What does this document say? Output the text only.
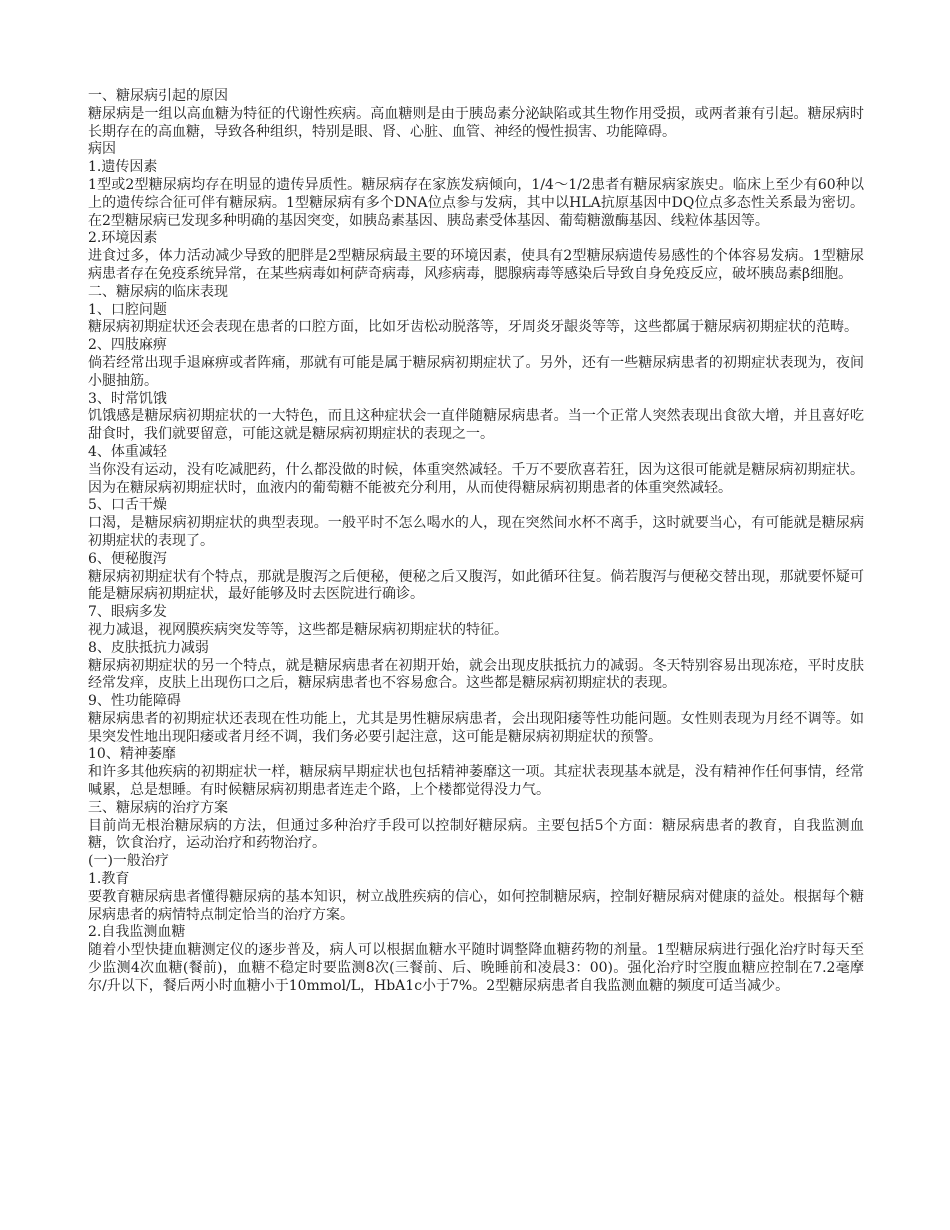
一、糖尿病引起的原因
糖尿病是一组以高血糖为特征的代谢性疾病。高血糖则是由于胰岛素分泌缺陷或其生物作用受损，或两者兼有引起。糖尿病时长期存在的高血糖，导致各种组织，特别是眼、肾、心脏、血管、神经的慢性损害、功能障碍。
病因
1.遗传因素
1型或2型糖尿病均存在明显的遗传异质性。糖尿病存在家族发病倾向，1/4～1/2患者有糖尿病家族史。临床上至少有60种以上的遗传综合征可伴有糖尿病。1型糖尿病有多个DNA位点参与发病，其中以HLA抗原基因中DQ位点多态性关系最为密切。在2型糖尿病已发现多种明确的基因突变，如胰岛素基因、胰岛素受体基因、葡萄糖激酶基因、线粒体基因等。
2.环境因素
进食过多，体力活动减少导致的肥胖是2型糖尿病最主要的环境因素，使具有2型糖尿病遗传易感性的个体容易发病。1型糖尿病患者存在免疫系统异常，在某些病毒如柯萨奇病毒，风疹病毒，腮腺病毒等感染后导致自身免疫反应，破坏胰岛素β细胞。
二、糖尿病的临床表现
1、口腔问题
糖尿病初期症状还会表现在患者的口腔方面，比如牙齿松动脱落等，牙周炎牙龈炎等等，这些都属于糖尿病初期症状的范畴。
2、四肢麻痹
倘若经常出现手退麻痹或者阵痛，那就有可能是属于糖尿病初期症状了。另外，还有一些糖尿病患者的初期症状表现为，夜间小腿抽筋。
3、时常饥饿
饥饿感是糖尿病初期症状的一大特色，而且这种症状会一直伴随糖尿病患者。当一个正常人突然表现出食欲大增，并且喜好吃甜食时，我们就要留意，可能这就是糖尿病初期症状的表现之一。
4、体重减轻
当你没有运动，没有吃减肥药，什么都没做的时候，体重突然减轻。千万不要欣喜若狂，因为这很可能就是糖尿病初期症状。因为在糖尿病初期症状时，血液内的葡萄糖不能被充分利用，从而使得糖尿病初期患者的体重突然减轻。
5、口舌干燥
口渴，是糖尿病初期症状的典型表现。一般平时不怎么喝水的人，现在突然间水杯不离手，这时就要当心，有可能就是糖尿病初期症状的表现了。
6、便秘腹泻
糖尿病初期症状有个特点，那就是腹泻之后便秘，便秘之后又腹泻，如此循环往复。倘若腹泻与便秘交替出现，那就要怀疑可能是糖尿病初期症状，最好能够及时去医院进行确诊。
7、眼病多发
视力减退，视网膜疾病突发等等，这些都是糖尿病初期症状的特征。
8、皮肤抵抗力减弱
糖尿病初期症状的另一个特点，就是糖尿病患者在初期开始，就会出现皮肤抵抗力的减弱。冬天特别容易出现冻疮，平时皮肤经常发痒，皮肤上出现伤口之后，糖尿病患者也不容易愈合。这些都是糖尿病初期症状的表现。
9、性功能障碍
糖尿病患者的初期症状还表现在性功能上，尤其是男性糖尿病患者，会出现阳痿等性功能问题。女性则表现为月经不调等。如果突发性地出现阳痿或者月经不调，我们务必要引起注意，这可能是糖尿病初期症状的预警。
10、精神萎靡
和许多其他疾病的初期症状一样，糖尿病早期症状也包括精神萎靡这一项。其症状表现基本就是，没有精神作任何事情，经常喊累，总是想睡。有时候糖尿病初期患者连走个路，上个楼都觉得没力气。
三、糖尿病的治疗方案
目前尚无根治糖尿病的方法，但通过多种治疗手段可以控制好糖尿病。主要包括5个方面：糖尿病患者的教育，自我监测血糖，饮食治疗，运动治疗和药物治疗。
(一)一般治疗
1.教育
要教育糖尿病患者懂得糖尿病的基本知识，树立战胜疾病的信心，如何控制糖尿病，控制好糖尿病对健康的益处。根据每个糖尿病患者的病情特点制定恰当的治疗方案。
2.自我监测血糖
随着小型快捷血糖测定仪的逐步普及，病人可以根据血糖水平随时调整降血糖药物的剂量。1型糖尿病进行强化治疗时每天至少监测4次血糖(餐前)，血糖不稳定时要监测8次(三餐前、后、晚睡前和凌晨3：00)。强化治疗时空腹血糖应控制在7.2毫摩尔/升以下，餐后两小时血糖小于10mmol/L，HbA1c小于7%。2型糖尿病患者自我监测血糖的频度可适当减少。
